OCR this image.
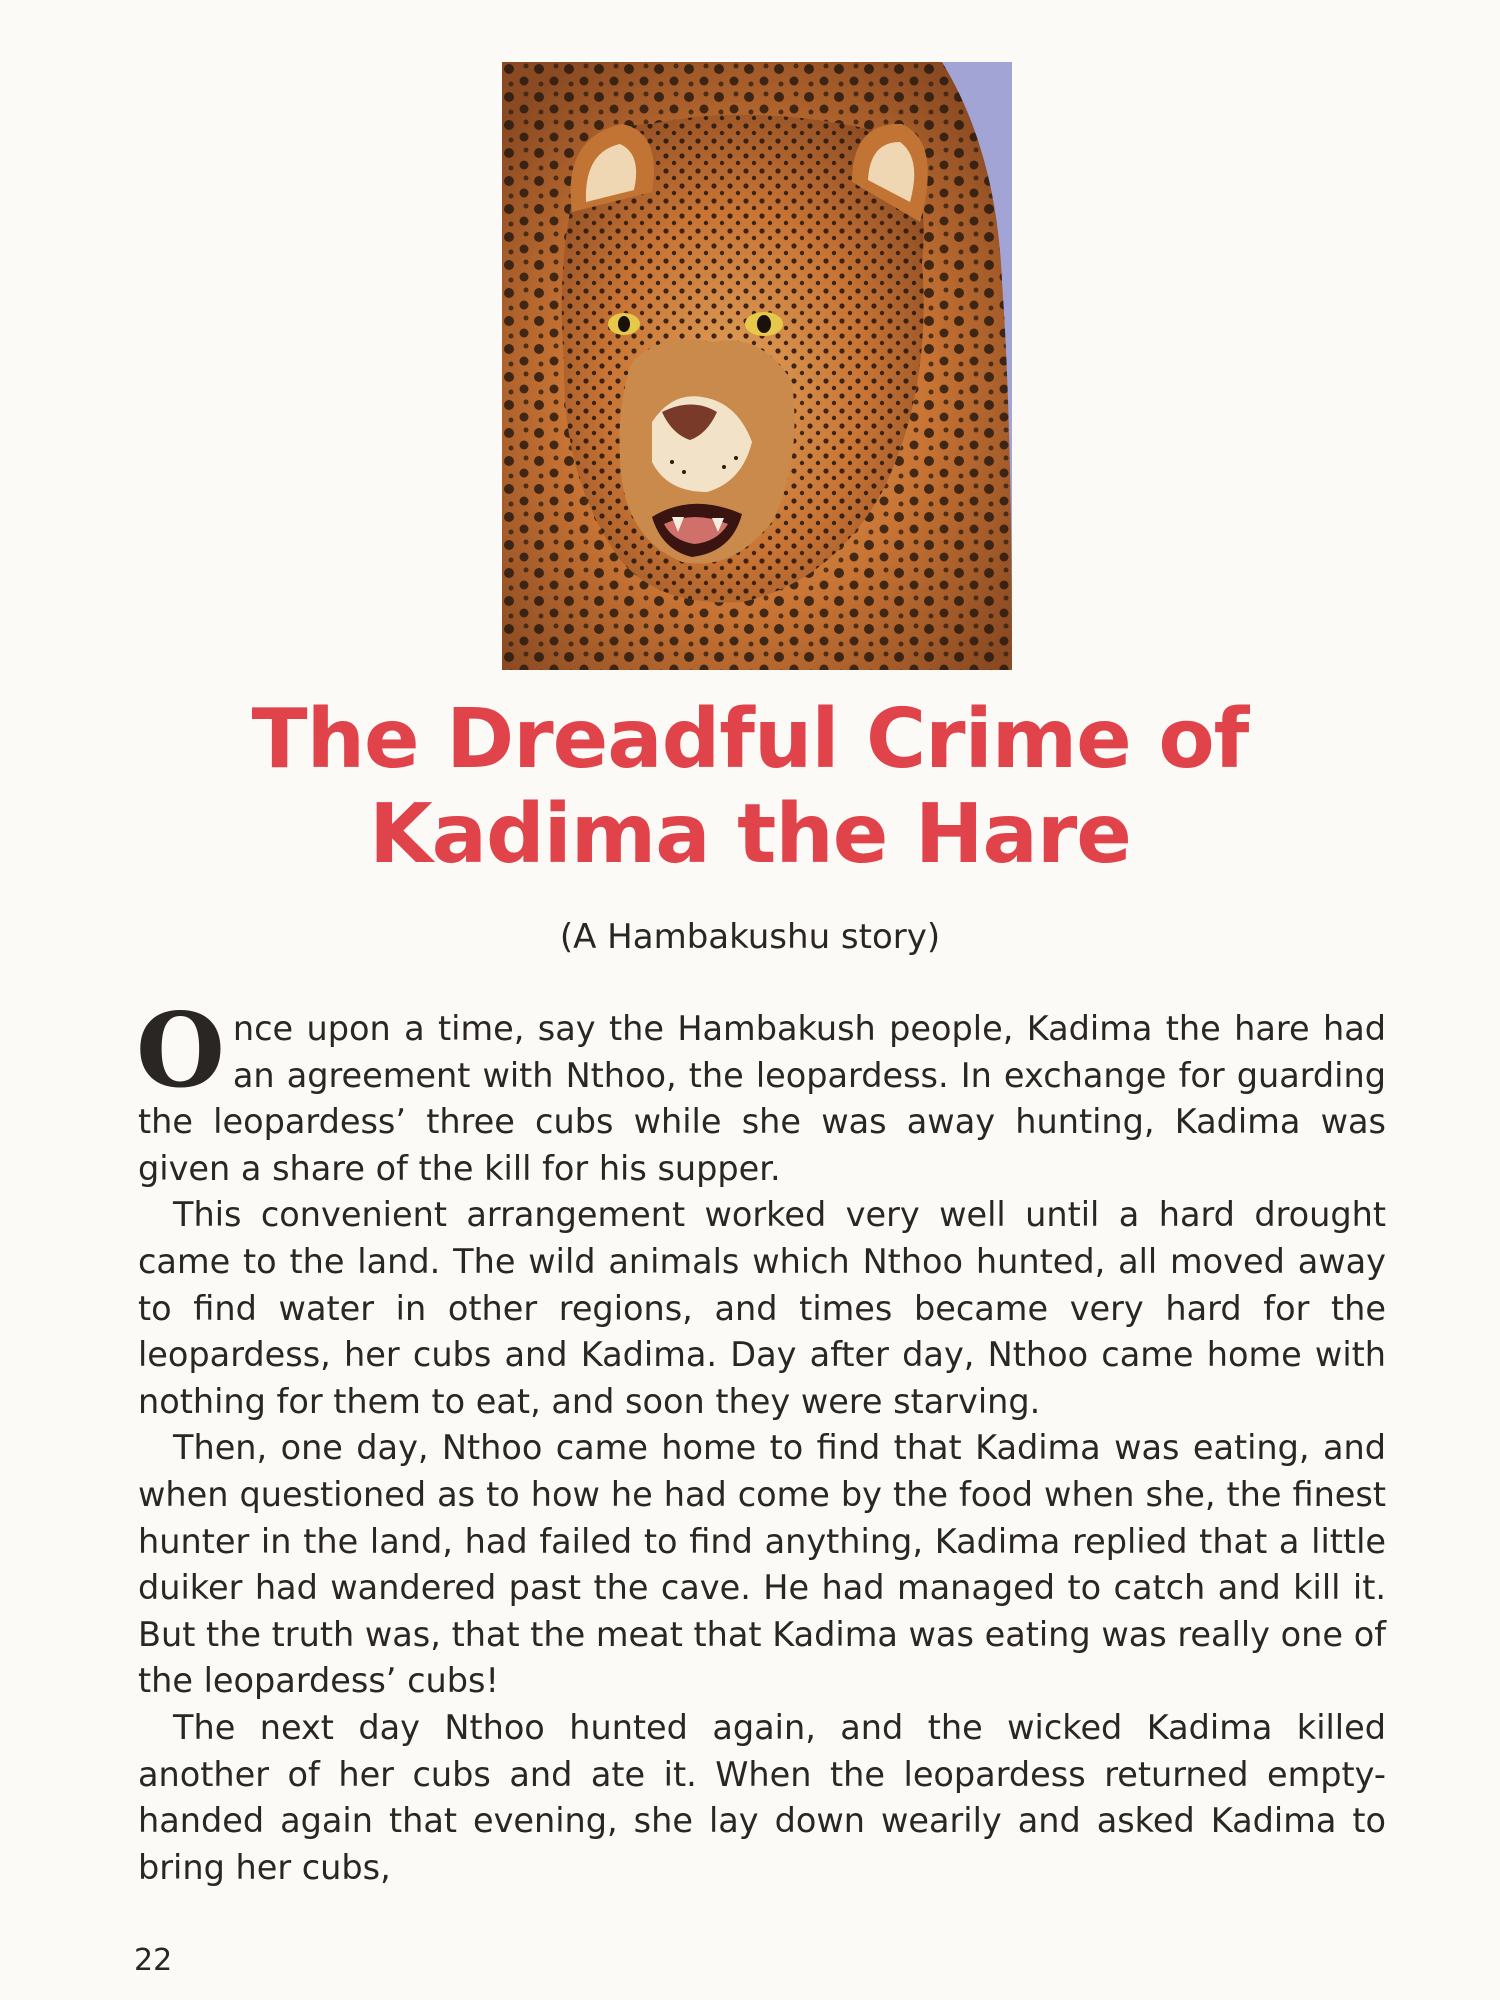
The Dreadful Crime of
Kadima the Hare
(A Hambakushu story)

Once upon a time, say the Hambakush people, Kadima the hare had an agreement with Nthoo, the leopardess. In exchange for guarding the leopardess’ three cubs while she was away hunting, Kadima was given a share of the kill for his supper.

This convenient arrangement worked very well until a hard drought came to the land. The wild animals which Nthoo hunted, all moved away to find water in other regions, and times became very hard for the leopardess, her cubs and Kadima. Day after day, Nthoo came home with nothing for them to eat, and soon they were starving.

Then, one day, Nthoo came home to find that Kadima was eating, and when questioned as to how he had come by the food when she, the finest hunter in the land, had failed to find anything, Kadima replied that a little duiker had wandered past the cave. He had managed to catch and kill it. But the truth was, that the meat that Kadima was eating was really one of the leopardess’ cubs!

The next day Nthoo hunted again, and the wicked Kadima killed another of her cubs and ate it. When the leopardess returned empty-handed again that evening, she lay down wearily and asked Kadima to bring her cubs,

22
